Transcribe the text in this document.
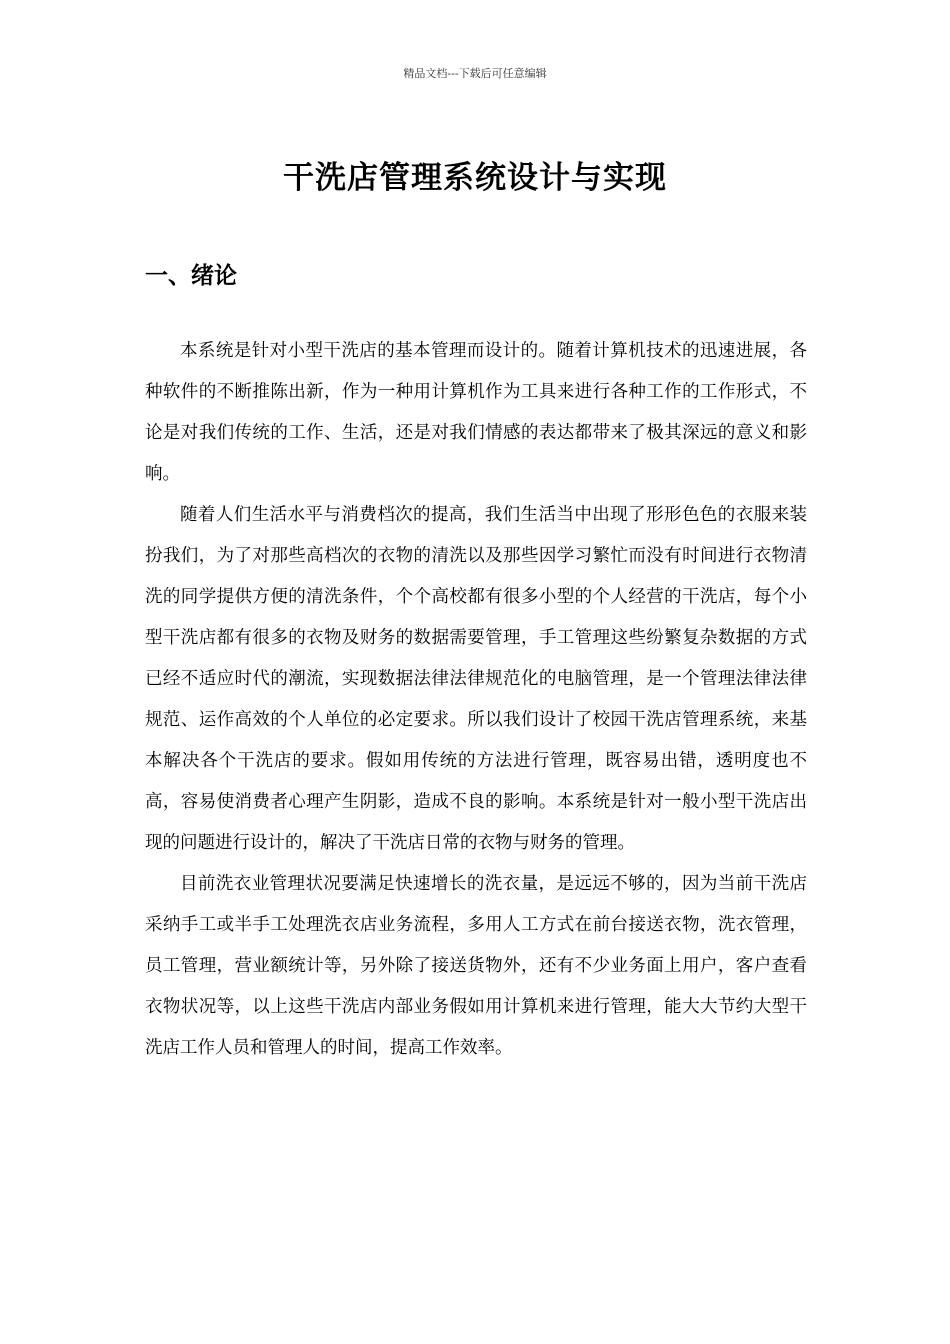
精品文档---下载后可任意编辑
干洗店管理系统设计与实现
一、绪论

本系统是针对小型干洗店的基本管理而设计的。随着计算机技术的迅速进展，各种软件的不断推陈出新，作为一种用计算机作为工具来进行各种工作的工作形式，不论是对我们传统的工作、生活，还是对我们情感的表达都带来了极其深远的意义和影响。

随着人们生活水平与消费档次的提高，我们生活当中出现了形形色色的衣服来装扮我们，为了对那些高档次的衣物的清洗以及那些因学习繁忙而没有时间进行衣物清洗的同学提供方便的清洗条件，个个高校都有很多小型的个人经营的干洗店，每个小型干洗店都有很多的衣物及财务的数据需要管理，手工管理这些纷繁复杂数据的方式已经不适应时代的潮流，实现数据法律法律规范化的电脑管理，是一个管理法律法律规范、运作高效的个人单位的必定要求。所以我们设计了校园干洗店管理系统，来基本解决各个干洗店的要求。假如用传统的方法进行管理，既容易出错，透明度也不高，容易使消费者心理产生阴影，造成不良的影响。本系统是针对一般小型干洗店出现的问题进行设计的，解决了干洗店日常的衣物与财务的管理。

目前洗衣业管理状况要满足快速增长的洗衣量，是远远不够的，因为当前干洗店采纳手工或半手工处理洗衣店业务流程，多用人工方式在前台接送衣物，洗衣管理，员工管理，营业额统计等，另外除了接送货物外，还有不少业务面上用户，客户查看衣物状况等，以上这些干洗店内部业务假如用计算机来进行管理，能大大节约大型干洗店工作人员和管理人的时间，提高工作效率。
